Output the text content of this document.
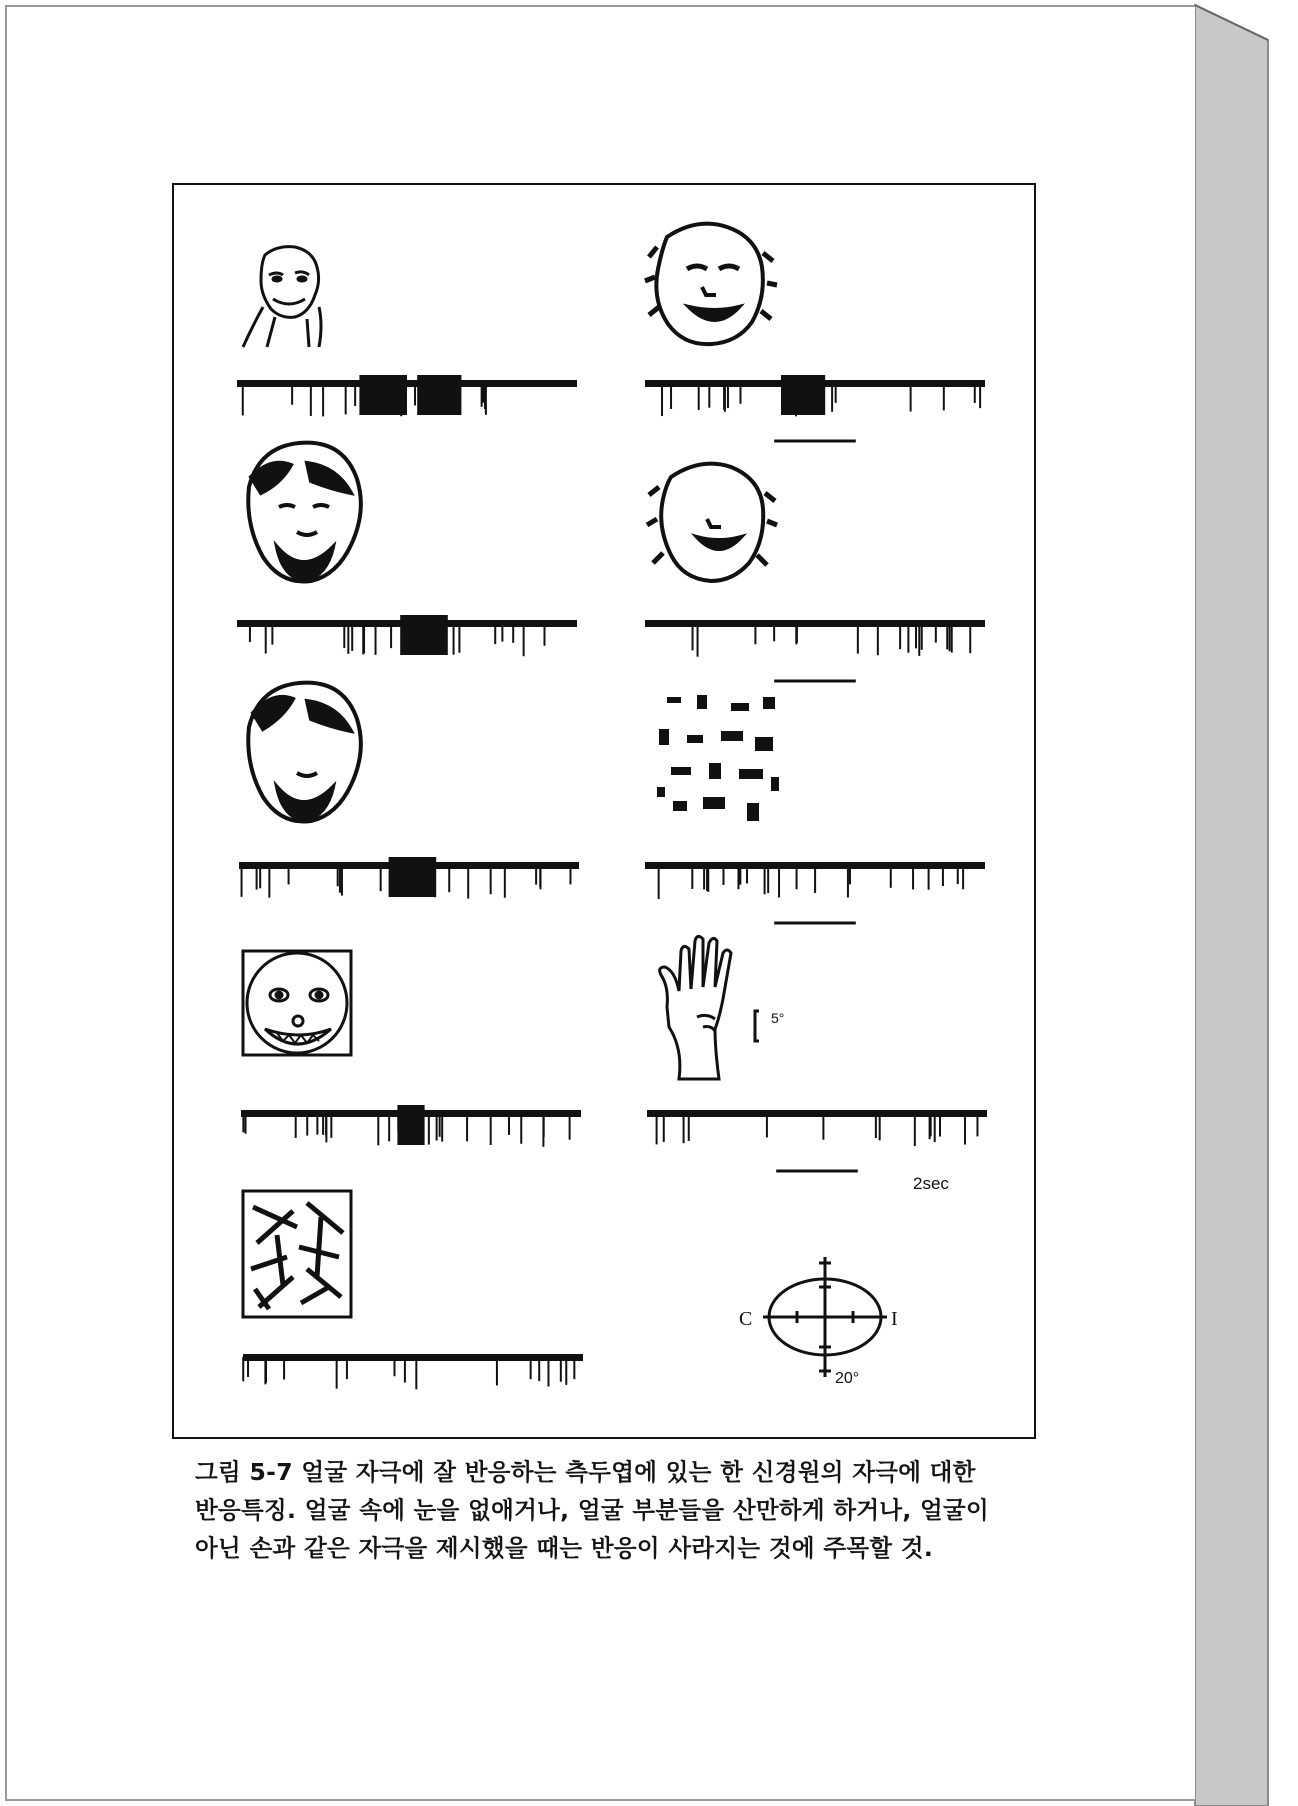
5°
C	I
20°
2sec
그림 5-7 얼굴 자극에 잘 반응하는 측두엽에 있는 한 신경원의 자극에 대한
반응특징. 얼굴 속에 눈을 없애거나, 얼굴 부분들을 산만하게 하거나, 얼굴이
아닌 손과 같은 자극을 제시했을 때는 반응이 사라지는 것에 주목할 것.
